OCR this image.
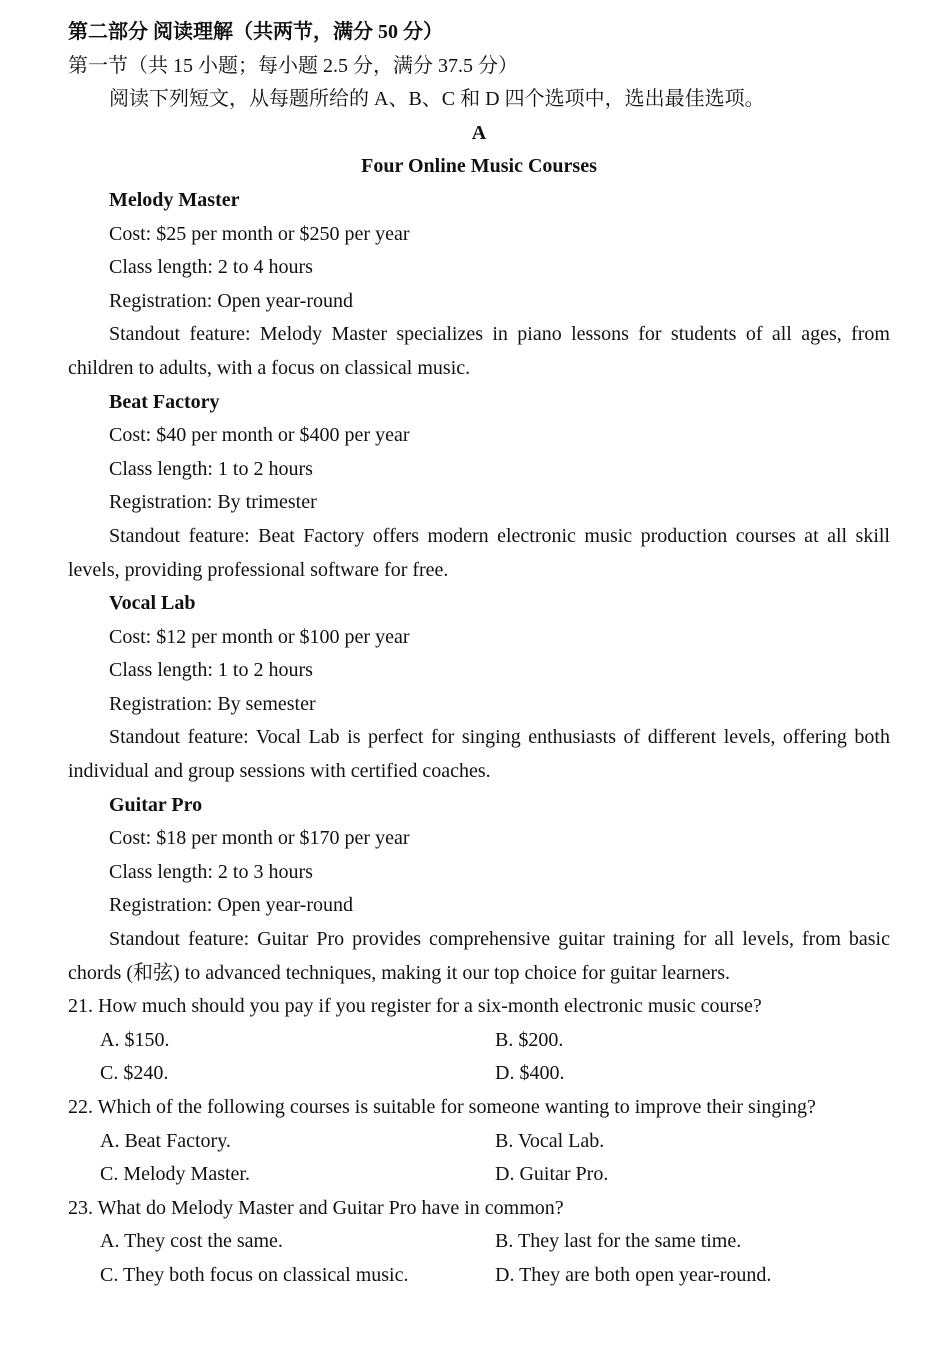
第二部分 阅读理解（共两节，满分 50 分）
第一节（共 15 小题；每小题 2.5 分，满分 37.5 分）
阅读下列短文，从每题所给的 A、B、C 和 D 四个选项中，选出最佳选项。
A
Four Online Music Courses
Melody Master
Cost: $25 per month or $250 per year
Class length: 2 to 4 hours
Registration: Open year-round
Standout feature: Melody Master specializes in piano lessons for students of all ages, from children to adults, with a focus on classical music.
Beat Factory
Cost: $40 per month or $400 per year
Class length: 1 to 2 hours
Registration: By trimester
Standout feature: Beat Factory offers modern electronic music production courses at all skill levels, providing professional software for free.
Vocal Lab
Cost: $12 per month or $100 per year
Class length: 1 to 2 hours
Registration: By semester
Standout feature: Vocal Lab is perfect for singing enthusiasts of different levels, offering both individual and group sessions with certified coaches.
Guitar Pro
Cost: $18 per month or $170 per year
Class length: 2 to 3 hours
Registration: Open year-round
Standout feature: Guitar Pro provides comprehensive guitar training for all levels, from basic chords (和弦) to advanced techniques, making it our top choice for guitar learners.
21. How much should you pay if you register for a six-month electronic music course?
A. $150.	B. $200.
C. $240.	D. $400.
22. Which of the following courses is suitable for someone wanting to improve their singing?
A. Beat Factory.	B. Vocal Lab.
C. Melody Master.	D. Guitar Pro.
23. What do Melody Master and Guitar Pro have in common?
A. They cost the same.	B. They last for the same time.
C. They both focus on classical music.	D. They are both open year-round.
